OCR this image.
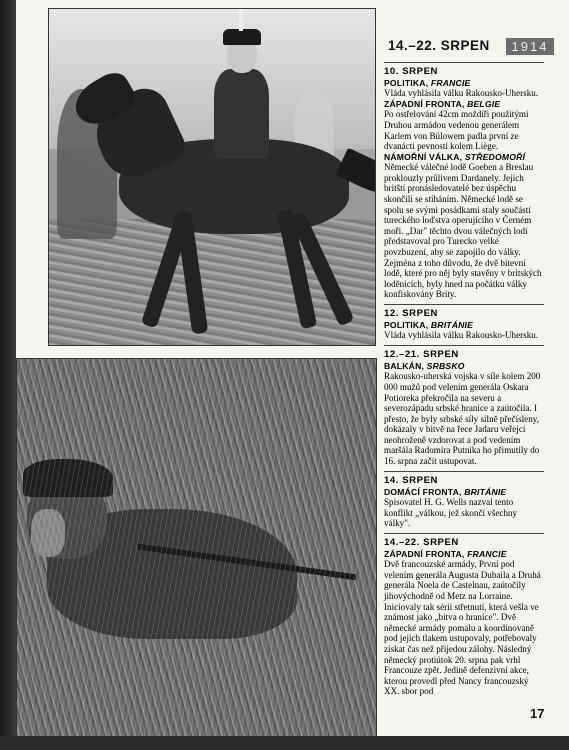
14.–22. SRPEN	1914
10. SRPEN
POLITIKA, FRANCIE

Vláda vyhlásila válku Rakousko-Uhersku.

ZÁPADNÍ FRONTA, BELGIE

Po ostřelování 42cm moždíři použitými Druhou armádou vedenou generálem Karlem von Bülowem padla první ze dvanácti pevností kolem Liège.

NÁMOŘNÍ VÁLKA, STŘEDOMOŘÍ

Německé válečné lodě Goeben a Breslau proklouzly průlivem Dardanely. Jejich britští pronásledovatelé bez úspěchu skončili se stíháním. Německé lodě se spolu se svými posádkami staly součástí tureckého loďstva operujícího v Černém moři. „Dar" těchto dvou válečných lodí představoval pro Turecko velké povzbuzení, aby se zapojilo do války. Zejména z toho důvodu, že dvě bitevní lodě, které pro něj byly stavěny v britských loděnicích, byly hned na počátku války konfiskovány Brity.

12. SRPEN
POLITIKA, BRITÁNIE

Vláda vyhlásila válku Rakousko-Uhersku.

12.–21. SRPEN
BALKÁN, SRBSKO

Rakousko-uherská vojska v síle kolem 200 000 mužů pod velením generála Oskara Potioreka překročila na severu a severozápadu srbské hranice a zaútočila. I přesto, že byly srbské síly silně přečísleny, dokázaly v bitvě na řece Jadaru veřejcí neohroženě vzdorovat a pod vedením maršála Radomira Putnika ho přimutily do 16. srpna začít ustupovat.

14. SRPEN
DOMÁCÍ FRONTA, BRITÁNIE

Spisovatel H. G. Wells nazval tento konflikt „válkou, jež skončí všechny války".

14.–22. SRPEN
ZÁPADNÍ FRONTA, FRANCIE

Dvě francouzské armády, První pod velením generála Augusta Dubaila a Druhá generála Noela de Castelnau, zaútočily jihovýchodně od Metz na Lorraine. Iniciovaly tak sérii střetnutí, která vešla ve známost jako „bitva o hranice". Dvě německé armády pomalu a koordinovaně pod jejich tlakem ustupovaly, potřebovaly získat čas než přijedou zálohy. Následný německý protiútok 20. srpna pak vrhl Francouze zpět. Jedině defenzivní akce, kterou provedl před Nancy francouzský XX. sbor pod

17
